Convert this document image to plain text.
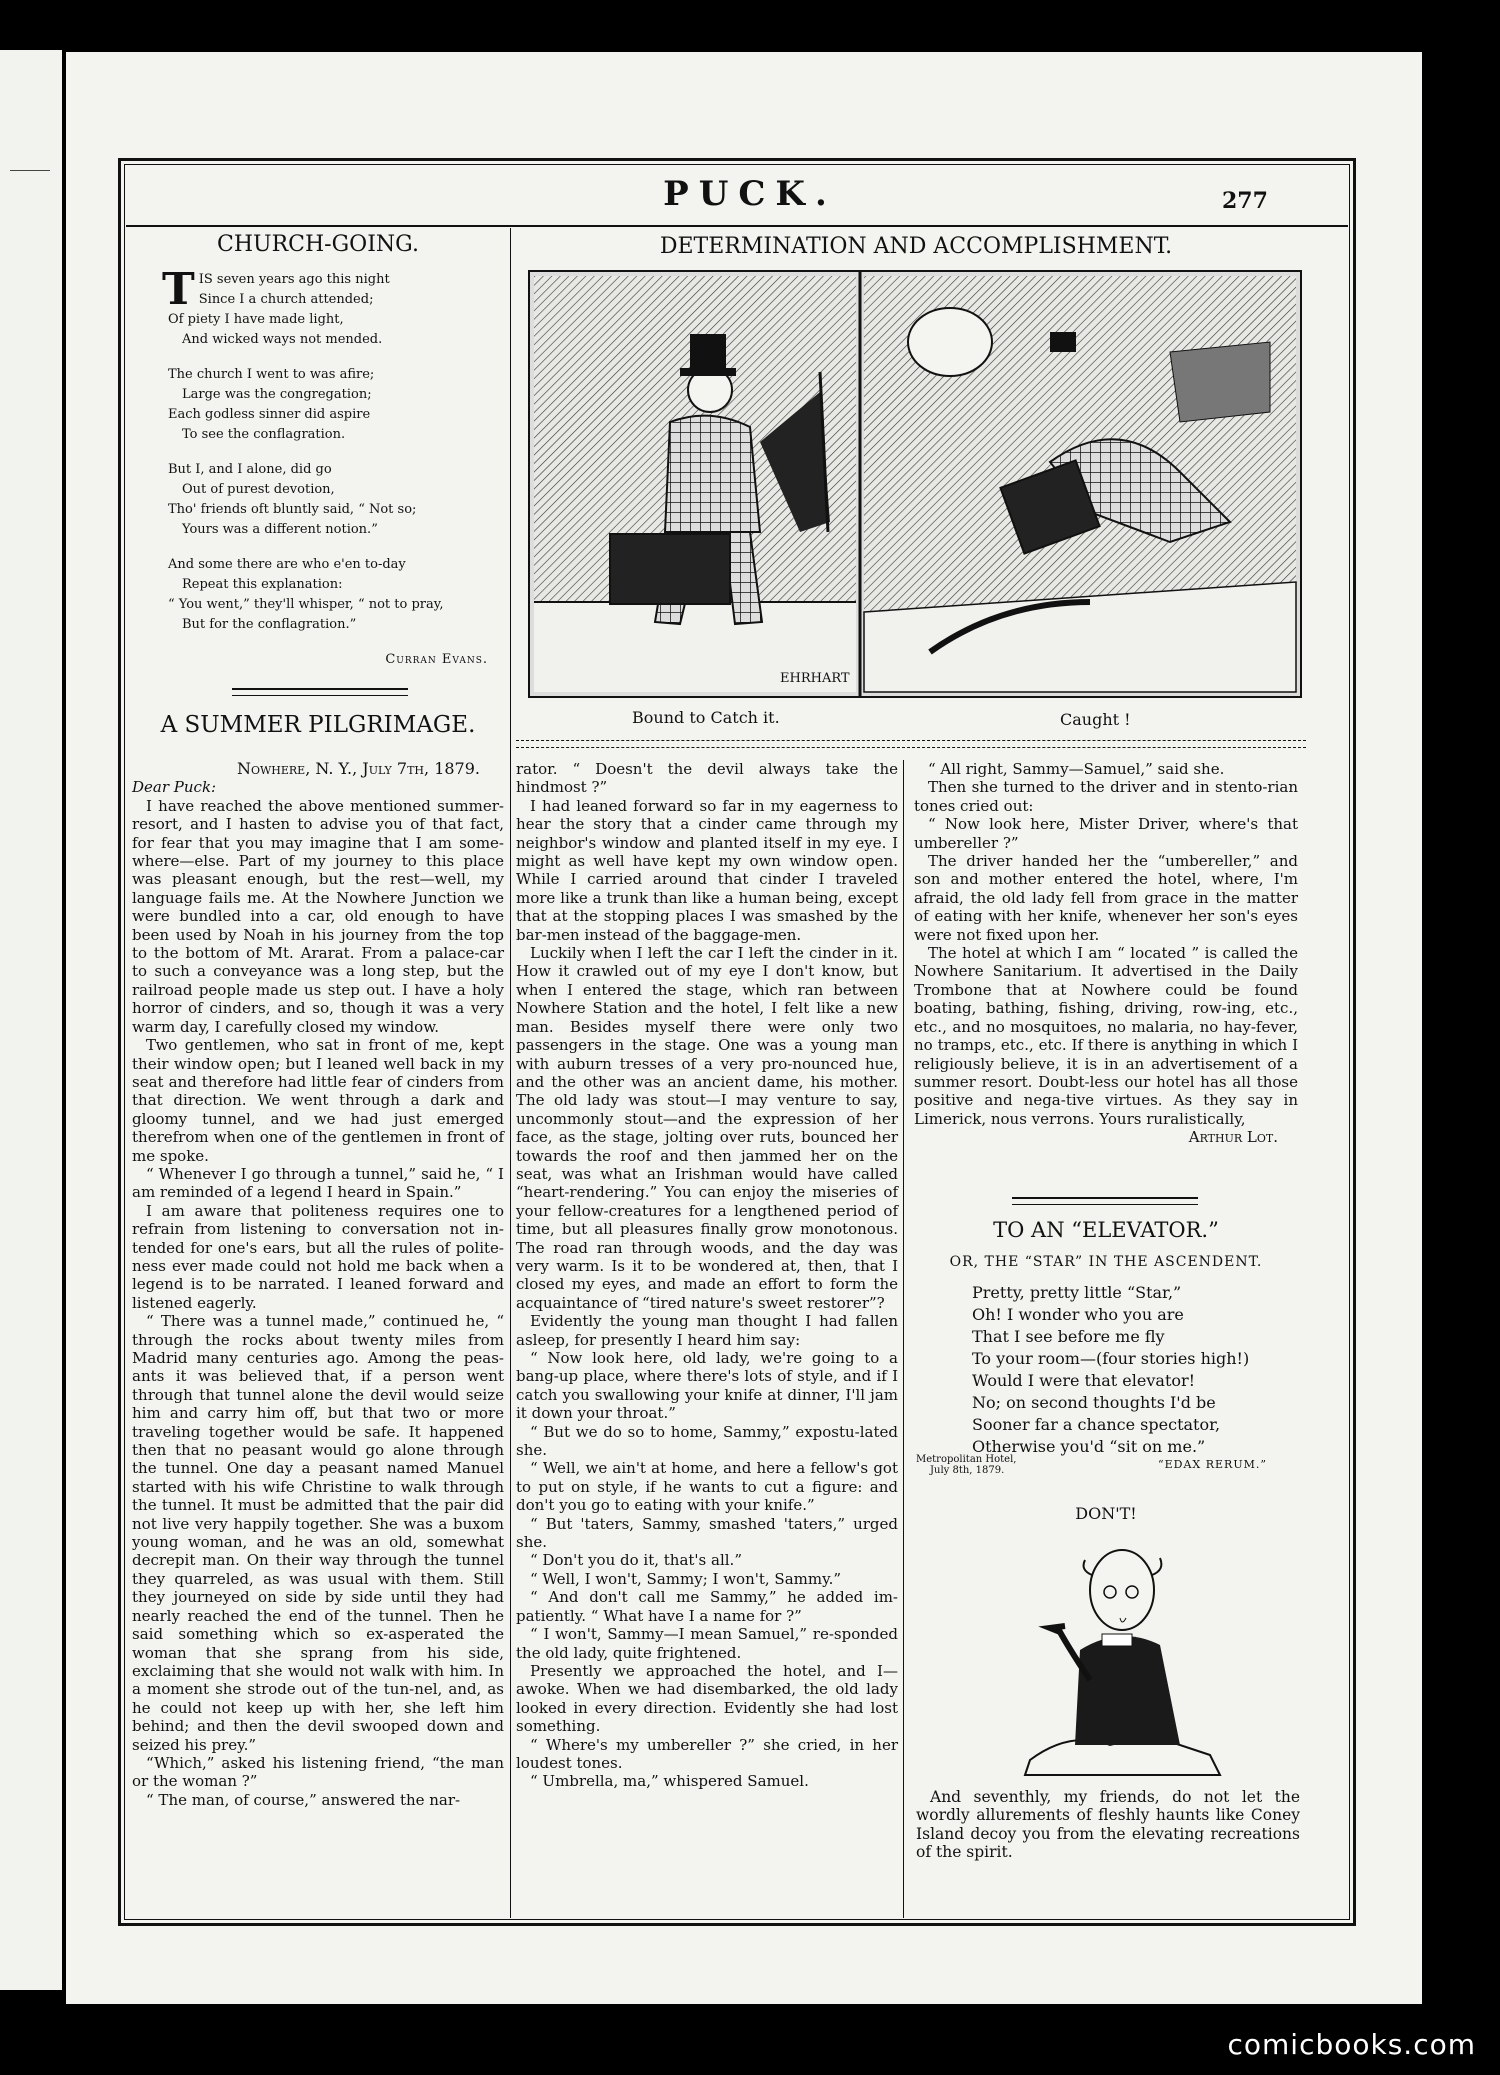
PUCK.	277
CHURCH-GOING.
T IS seven years ago this night
Since I a church attended;
Of piety I have made light,
And wicked ways not mended.
The church I went to was afire;
Large was the congregation;
Each godless sinner did aspire
To see the conflagration.
But I, and I alone, did go
Out of purest devotion,
Tho' friends oft bluntly said, “ Not so;
Yours was a different notion.”
And some there are who e'en to-day
Repeat this explanation:
“ You went,” they'll whisper, “ not to pray,
But for the conflagration.”
Curran Evans.
A SUMMER PILGRIMAGE.
DETERMINATION AND ACCOMPLISHMENT.
EHRHART
Bound to Catch it.	Caught !

Nowhere, N. Y., July 7th, 1879.

Dear Puck:

I have reached the above mentioned summer-resort, and I hasten to advise you of that fact, for fear that you may imagine that I am some-where—else. Part of my journey to this place was pleasant enough, but the rest—well, my language fails me. At the Nowhere Junction we were bundled into a car, old enough to have been used by Noah in his journey from the top to the bottom of Mt. Ararat. From a palace-car to such a conveyance was a long step, but the railroad people made us step out. I have a holy horror of cinders, and so, though it was a very warm day, I carefully closed my window.

Two gentlemen, who sat in front of me, kept their window open; but I leaned well back in my seat and therefore had little fear of cinders from that direction. We went through a dark and gloomy tunnel, and we had just emerged therefrom when one of the gentlemen in front of me spoke.

“ Whenever I go through a tunnel,” said he, “ I am reminded of a legend I heard in Spain.”

I am aware that politeness requires one to refrain from listening to conversation not in-tended for one's ears, but all the rules of polite-ness ever made could not hold me back when a legend is to be narrated. I leaned forward and listened eagerly.

“ There was a tunnel made,” continued he, “ through the rocks about twenty miles from Madrid many centuries ago. Among the peas-ants it was believed that, if a person went through that tunnel alone the devil would seize him and carry him off, but that two or more traveling together would be safe. It happened then that no peasant would go alone through the tunnel. One day a peasant named Manuel started with his wife Christine to walk through the tunnel. It must be admitted that the pair did not live very happily together. She was a buxom young woman, and he was an old, somewhat decrepit man. On their way through the tunnel they quarreled, as was usual with them. Still they journeyed on side by side until they had nearly reached the end of the tunnel. Then he said something which so ex-asperated the woman that she sprang from his side, exclaiming that she would not walk with him. In a moment she strode out of the tun-nel, and, as he could not keep up with her, she left him behind; and then the devil swooped down and seized his prey.”

“Which,” asked his listening friend, “the man or the woman ?”

“ The man, of course,” answered the nar-

rator. “ Doesn't the devil always take the hindmost ?”

I had leaned forward so far in my eagerness to hear the story that a cinder came through my neighbor's window and planted itself in my eye. I might as well have kept my own window open. While I carried around that cinder I traveled more like a trunk than like a human being, except that at the stopping places I was smashed by the bar-men instead of the baggage-men.

Luckily when I left the car I left the cinder in it. How it crawled out of my eye I don't know, but when I entered the stage, which ran between Nowhere Station and the hotel, I felt like a new man. Besides myself there were only two passengers in the stage. One was a young man with auburn tresses of a very pro-nounced hue, and the other was an ancient dame, his mother. The old lady was stout—I may venture to say, uncommonly stout—and the expression of her face, as the stage, jolting over ruts, bounced her towards the roof and then jammed her on the seat, was what an Irishman would have called “heart-rendering.” You can enjoy the miseries of your fellow-creatures for a lengthened period of time, but all pleasures finally grow monotonous. The road ran through woods, and the day was very warm. Is it to be wondered at, then, that I closed my eyes, and made an effort to form the acquaintance of “tired nature's sweet restorer”?

Evidently the young man thought I had fallen asleep, for presently I heard him say:

“ Now look here, old lady, we're going to a bang-up place, where there's lots of style, and if I catch you swallowing your knife at dinner, I'll jam it down your throat.”

“ But we do so to home, Sammy,” expostu-lated she.

“ Well, we ain't at home, and here a fellow's got to put on style, if he wants to cut a figure: and don't you go to eating with your knife.”

“ But 'taters, Sammy, smashed 'taters,” urged she.

“ Don't you do it, that's all.”

“ Well, I won't, Sammy; I won't, Sammy.”

“ And don't call me Sammy,” he added im-patiently. “ What have I a name for ?”

“ I won't, Sammy—I mean Samuel,” re-sponded the old lady, quite frightened.

Presently we approached the hotel, and I—awoke. When we had disembarked, the old lady looked in every direction. Evidently she had lost something.

“ Where's my umbereller ?” she cried, in her loudest tones.

“ Umbrella, ma,” whispered Samuel.

“ All right, Sammy—Samuel,” said she.

Then she turned to the driver and in stento-rian tones cried out:

“ Now look here, Mister Driver, where's that umbereller ?”

The driver handed her the “umbereller,” and son and mother entered the hotel, where, I'm afraid, the old lady fell from grace in the matter of eating with her knife, whenever her son's eyes were not fixed upon her.

The hotel at which I am “ located ” is called the Nowhere Sanitarium. It advertised in the Daily Trombone that at Nowhere could be found boating, bathing, fishing, driving, row-ing, etc., etc., and no mosquitoes, no malaria, no hay-fever, no tramps, etc., etc. If there is anything in which I religiously believe, it is in an advertisement of a summer resort. Doubt-less our hotel has all those positive and nega-tive virtues. As they say in Limerick, nous verrons. Yours ruralistically,

Arthur Lot.

TO AN “ELEVATOR.”
OR, THE “STAR” IN THE ASCENDENT.
Pretty, pretty little “Star,”
Oh! I wonder who you are
That I see before me fly
To your room—(four stories high!)
Would I were that elevator!
No; on second thoughts I'd be
Sooner far a chance spectator,
Otherwise you'd “sit on me.”
Metropolitan Hotel,
July 8th, 1879.	“EDAX RERUM.”
DON'T!

And seventhly, my friends, do not let the wordly allurements of fleshly haunts like Coney Island decoy you from the elevating recreations of the spirit.

comicbooks.com
